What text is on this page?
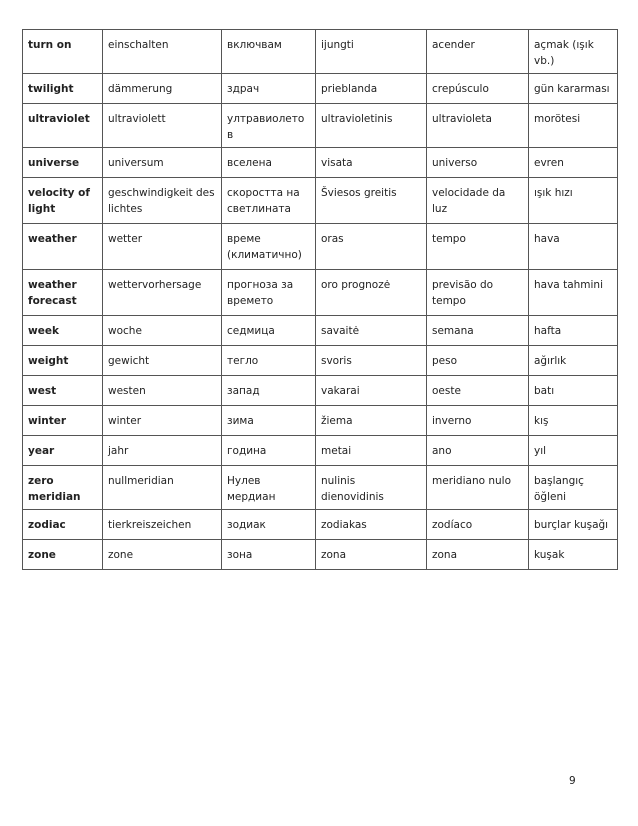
turn on	einschalten	включвам	ijungti	acender	açmak (ışık vb.)
twilight	dämmerung	здрач	prieblanda	crepúsculo	gün kararması
ultraviolet	ultraviolett	ултравиолетов	ultravioletinis	ultravioleta	morötesi
universe	universum	вселена	visata	universo	evren
velocity of light	geschwindigkeit des lichtes	скоростта на светлината	Šviesos greitis	velocidade da luz	ışık hızı
weather	wetter	време (климатично)	oras	tempo	hava
weather forecast	wettervorhersage	прогноза за времето	oro prognozė	previsão do tempo	hava tahmini
week	woche	седмица	savaitė	semana	hafta
weight	gewicht	тегло	svoris	peso	ağırlık
west	westen	запад	vakarai	oeste	batı
winter	winter	зима	žiema	inverno	kış
year	jahr	година	metai	ano	yıl
zero meridian	nullmeridian	Нулев мердиан	nulinis dienovidinis	meridiano nulo	başlangıç öğleni
zodiac	tierkreiszeichen	зодиак	zodiakas	zodíaco	burçlar kuşağı
zone	zone	зона	zona	zona	kuşak
9
